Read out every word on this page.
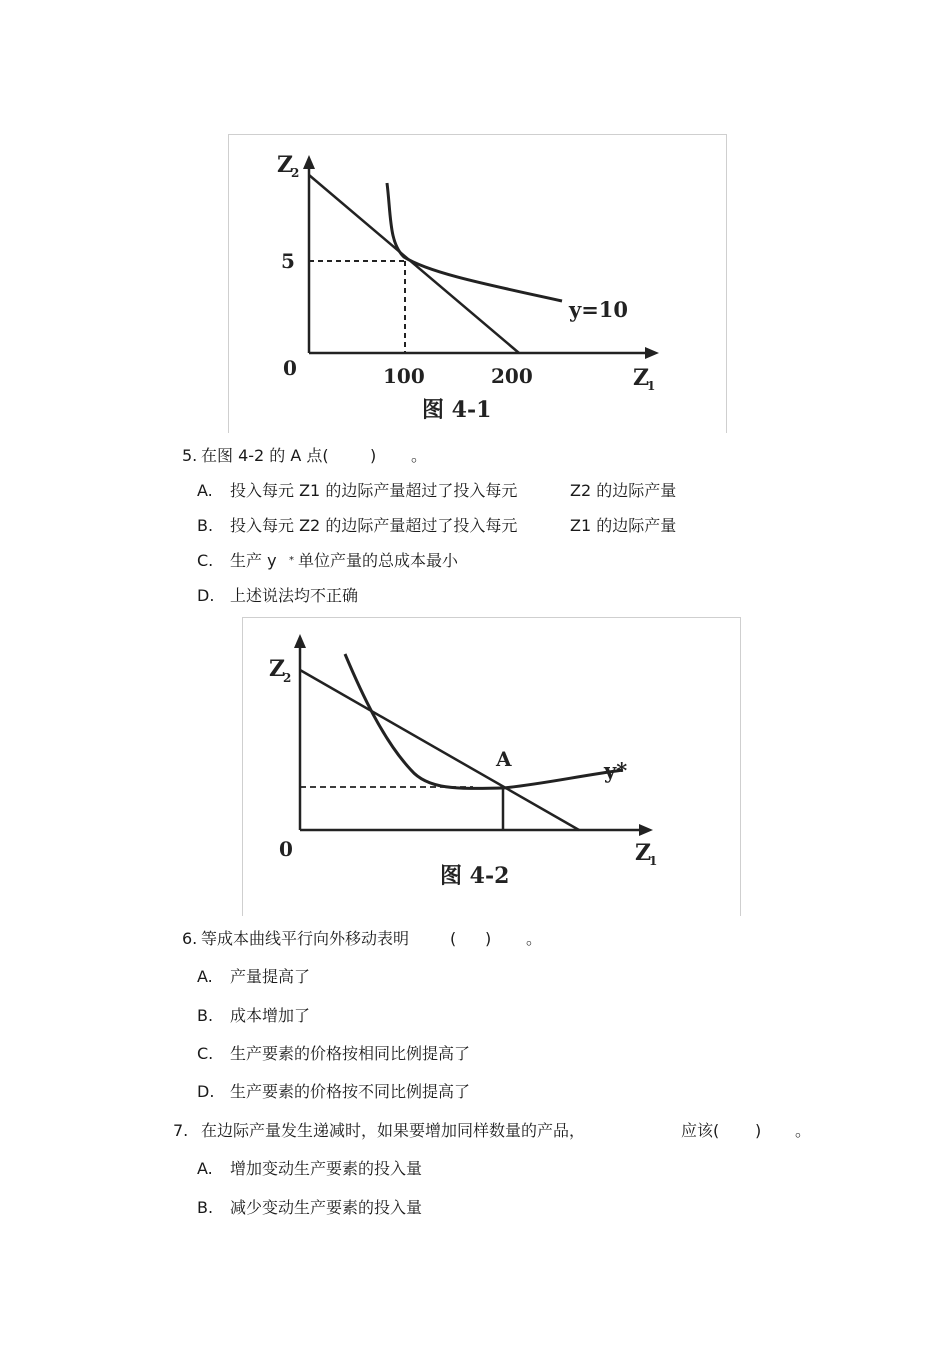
Z
2
5
0	100	200	Z
1
y=10
图 4-1
5. 在图 4-2 的 A 点(	) 。
A. 投入每元 Z1 的边际产量超过了投入每元	Z2 的边际产量
B. 投入每元 Z2 的边际产量超过了投入每元	Z1 的边际产量
C. 生产 y * 单位产量的总成本最小
D. 上述说法均不正确
Z
2
0
A	y*
Z
1
图 4-2
6. 等成本曲线平行向外移动表明	( ) 。
A. 产量提高了
B. 成本增加了
C. 生产要素的价格按相同比例提高了
D. 生产要素的价格按不同比例提高了
7. 在边际产量发生递减时，如果要增加同样数量的产品，	应该( ) 。
A. 增加变动生产要素的投入量
B. 减少变动生产要素的投入量
